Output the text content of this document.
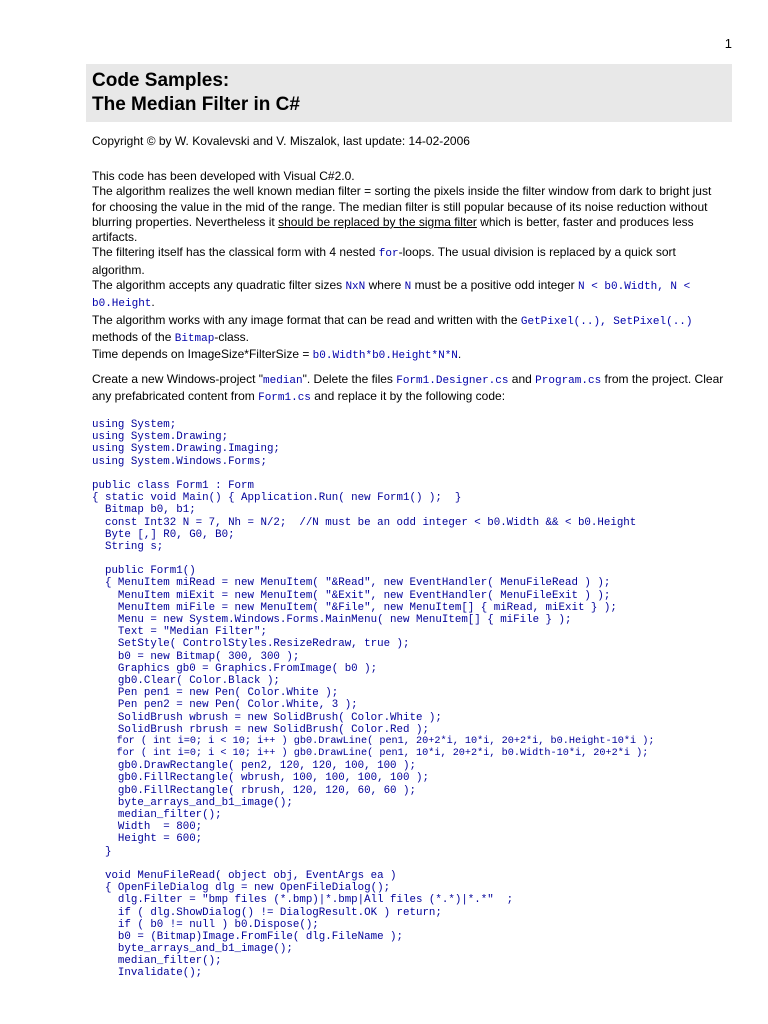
1
Code Samples:
The Median Filter in C#
Copyright © by W. Kovalevski and V. Miszalok, last update: 14-02-2006

This code has been developed with Visual C#2.0.

The algorithm realizes the well known median filter = sorting the pixels inside the filter window from dark to bright just for choosing the value in the mid of the range. The median filter is still popular because of its noise reduction without blurring properties. Nevertheless it should be replaced by the sigma filter which is better, faster and produces less artifacts.

The filtering itself has the classical form with 4 nested for-loops. The usual division is replaced by a quick sort algorithm.

The algorithm accepts any quadratic filter sizes NxN where N must be a positive odd integer N < b0.Width, N < b0.Height.

The algorithm works with any image format that can be read and written with the GetPixel(..), SetPixel(..) methods of the Bitmap-class.

Time depends on ImageSize*FilterSize = b0.Width*b0.Height*N*N.

Create a new Windows-project "median". Delete the files Form1.Designer.cs and Program.cs from the project. Clear any prefabricated content from Form1.cs and replace it by the following code:

using System;
using System.Drawing;
using System.Drawing.Imaging;
using System.Windows.Forms;

public class Form1 : Form
{ static void Main() { Application.Run( new Form1() );  }
Bitmap b0, b1;
const Int32 N = 7, Nh = N/2;  //N must be an odd integer < b0.Width && < b0.Height
Byte [,] R0, G0, B0;
String s;

public Form1()
{ MenuItem miRead = new MenuItem( "&Read", new EventHandler( MenuFileRead ) );
MenuItem miExit = new MenuItem( "&Exit", new EventHandler( MenuFileExit ) );
MenuItem miFile = new MenuItem( "&File", new MenuItem[] { miRead, miExit } );
Menu = new System.Windows.Forms.MainMenu( new MenuItem[] { miFile } );
Text = "Median Filter";
SetStyle( ControlStyles.ResizeRedraw, true );
b0 = new Bitmap( 300, 300 );
Graphics gb0 = Graphics.FromImage( b0 );
gb0.Clear( Color.Black );
Pen pen1 = new Pen( Color.White );
Pen pen2 = new Pen( Color.White, 3 );
SolidBrush wbrush = new SolidBrush( Color.White );
SolidBrush rbrush = new SolidBrush( Color.Red );
for ( int i=0; i < 10; i++ ) gb0.DrawLine( pen1, 20+2*i, 10*i, 20+2*i, b0.Height-10*i );
for ( int i=0; i < 10; i++ ) gb0.DrawLine( pen1, 10*i, 20+2*i, b0.Width-10*i, 20+2*i );
gb0.DrawRectangle( pen2, 120, 120, 100, 100 );
gb0.FillRectangle( wbrush, 100, 100, 100, 100 );
gb0.FillRectangle( rbrush, 120, 120, 60, 60 );
byte_arrays_and_b1_image();
median_filter();
Width  = 800;
Height = 600;
}

void MenuFileRead( object obj, EventArgs ea )
{ OpenFileDialog dlg = new OpenFileDialog();
dlg.Filter = "bmp files (*.bmp)|*.bmp|All files (*.*)|*.*"  ;
if ( dlg.ShowDialog() != DialogResult.OK ) return;
if ( b0 != null ) b0.Dispose();
b0 = (Bitmap)Image.FromFile( dlg.FileName );
byte_arrays_and_b1_image();
median_filter();
Invalidate();
